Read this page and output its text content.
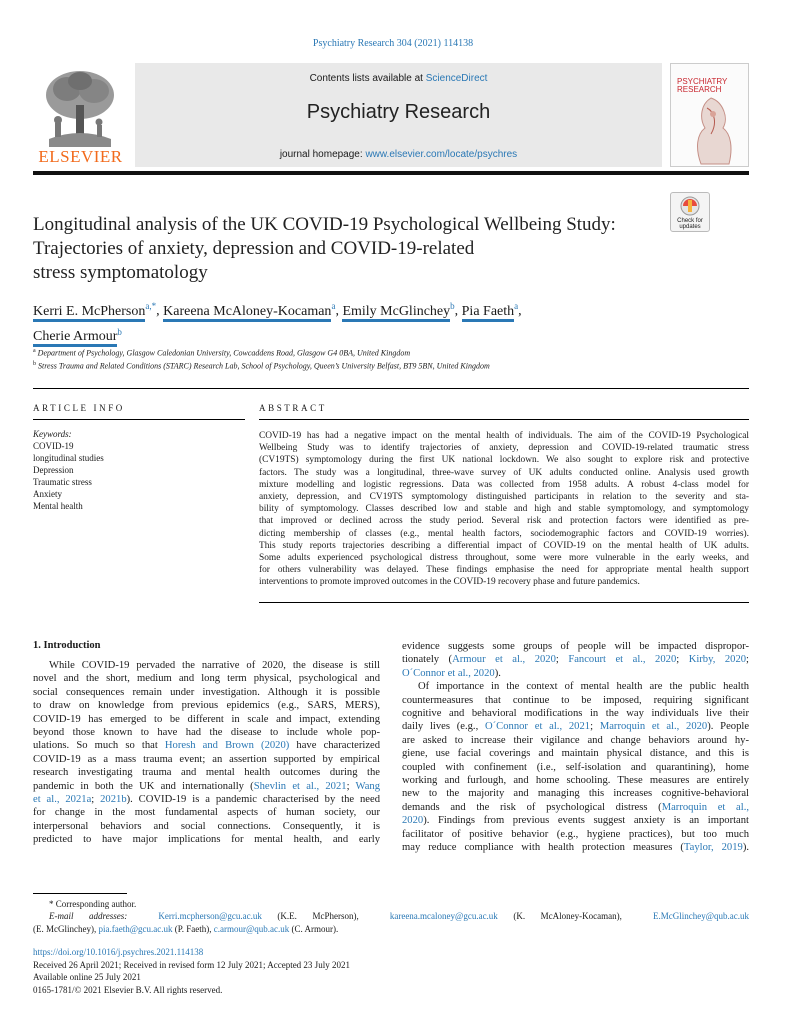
Psychiatry Research 304 (2021) 114138
ELSEVIER
Contents lists available at ScienceDirect
Psychiatry Research
journal homepage: www.elsevier.com/locate/psychres
PSYCHIATRY
RESEARCH
Check for
updates
Longitudinal analysis of the UK COVID-19 Psychological Wellbeing Study:
Trajectories of anxiety, depression and COVID-19-related
stress symptomatology
Kerri E. McPherson$^{a,*}$, Kareena McAloney-Kocaman$^a$, Emily McGlinchey$^b$, Pia Faeth$^a$,
Cherie Armour$^b$
$^a$ Department of Psychology, Glasgow Caledonian University, Cowcaddens Road, Glasgow G4 0BA, United Kingdom
$^b$ Stress Trauma and Related Conditions (STARC) Research Lab, School of Psychology, Queen’s University Belfast, BT9 5BN, United Kingdom
ARTICLE INFO	ABSTRACT
Keywords:
COVID-19
longitudinal studies
Depression
Traumatic stress
Anxiety
Mental health
COVID-19 has had a negative impact on the mental health of individuals. The aim of the COVID-19 Psychological
Wellbeing Study was to identify trajectories of anxiety, depression and COVID-19-related traumatic stress
(CV19TS) symptomology during the first UK national lockdown. We also sought to explore risk and protective
factors. The study was a longitudinal, three-wave survey of UK adults conducted online. Analysis used growth
mixture modelling and logistic regressions. Data was collected from 1958 adults. A robust 4-class model for
anxiety, depression, and CV19TS symptomology distinguished participants in relation to the severity and sta-
bility of symptomology. Classes described low and stable and high and stable symptomology, and symptomology
that improved or declined across the study period. Several risk and protection factors were identified as pre-
dicting membership of classes (e.g., mental health factors, sociodemographic factors and COVID-19 worries).
This study reports trajectories describing a differential impact of COVID-19 on the mental health of UK adults.
Some adults experienced psychological distress throughout, some were more vulnerable in the early weeks, and
for others vulnerability was delayed. These findings emphasise the need for appropriate mental health support
interventions to promote improved outcomes in the COVID-19 recovery phase and future pandemics.
1. Introduction
While COVID-19 pervaded the narrative of 2020, the disease is still
novel and the short, medium and long term physical, psychological and
social consequences remain under investigation. Although it is possible
to draw on knowledge from previous epidemics (e.g., SARS, MERS),
COVID-19 has emerged to be different in scale and impact, extending
beyond those known to have had the disease to include whole pop-
ulations. So much so that Horesh and Brown (2020) have characterized
COVID-19 as a mass trauma event; an assertion supported by empirical
research investigating trauma and mental health outcomes during the
pandemic in both the UK and internationally (Shevlin et al., 2021; Wang
et al., 2021a; 2021b). COVID-19 is a pandemic characterised by the need
for change in the most fundamental aspects of human society, our
interpersonal behaviors and social connections. Consequently, it is
predicted to have major implications for mental health, and early
evidence suggests some groups of people will be impacted dispropor-
tionately (Armour et al., 2020; Fancourt et al., 2020; Kirby, 2020;
O´Connor et al., 2020).
Of importance in the context of mental health are the public health
countermeasures that continue to be imposed, requiring significant
cognitive and behavioral modifications in the way individuals live their
daily lives (e.g., O´Connor et al., 2021; Marroquin et al., 2020). People
are asked to increase their vigilance and change behaviors around hy-
giene, use facial coverings and maintain physical distance, and this is
coupled with confinement (i.e., self-isolation and quarantining), home
working and furlough, and home schooling. These measures are entirely
new to the majority and managing this increases cognitive-behavioral
demands and the risk of psychological distress (Marroquin et al.,
2020). Findings from previous events suggest anxiety is an important
facilitator of positive behavior (e.g., hygiene practices), but too much
may reduce compliance with health protection measures (Taylor, 2019).
* Corresponding author.
E-mail addresses:	Kerri.mcpherson@gcu.ac.uk (K.E. McPherson),	kareena.mcaloney@gcu.ac.uk (K. McAloney-Kocaman),	E.McGlinchey@qub.ac.uk
(E. McGlinchey), pia.faeth@gcu.ac.uk (P. Faeth), c.armour@qub.ac.uk (C. Armour).
https://doi.org/10.1016/j.psychres.2021.114138
Received 26 April 2021; Received in revised form 12 July 2021; Accepted 23 July 2021
Available online 25 July 2021
0165-1781/© 2021 Elsevier B.V. All rights reserved.
